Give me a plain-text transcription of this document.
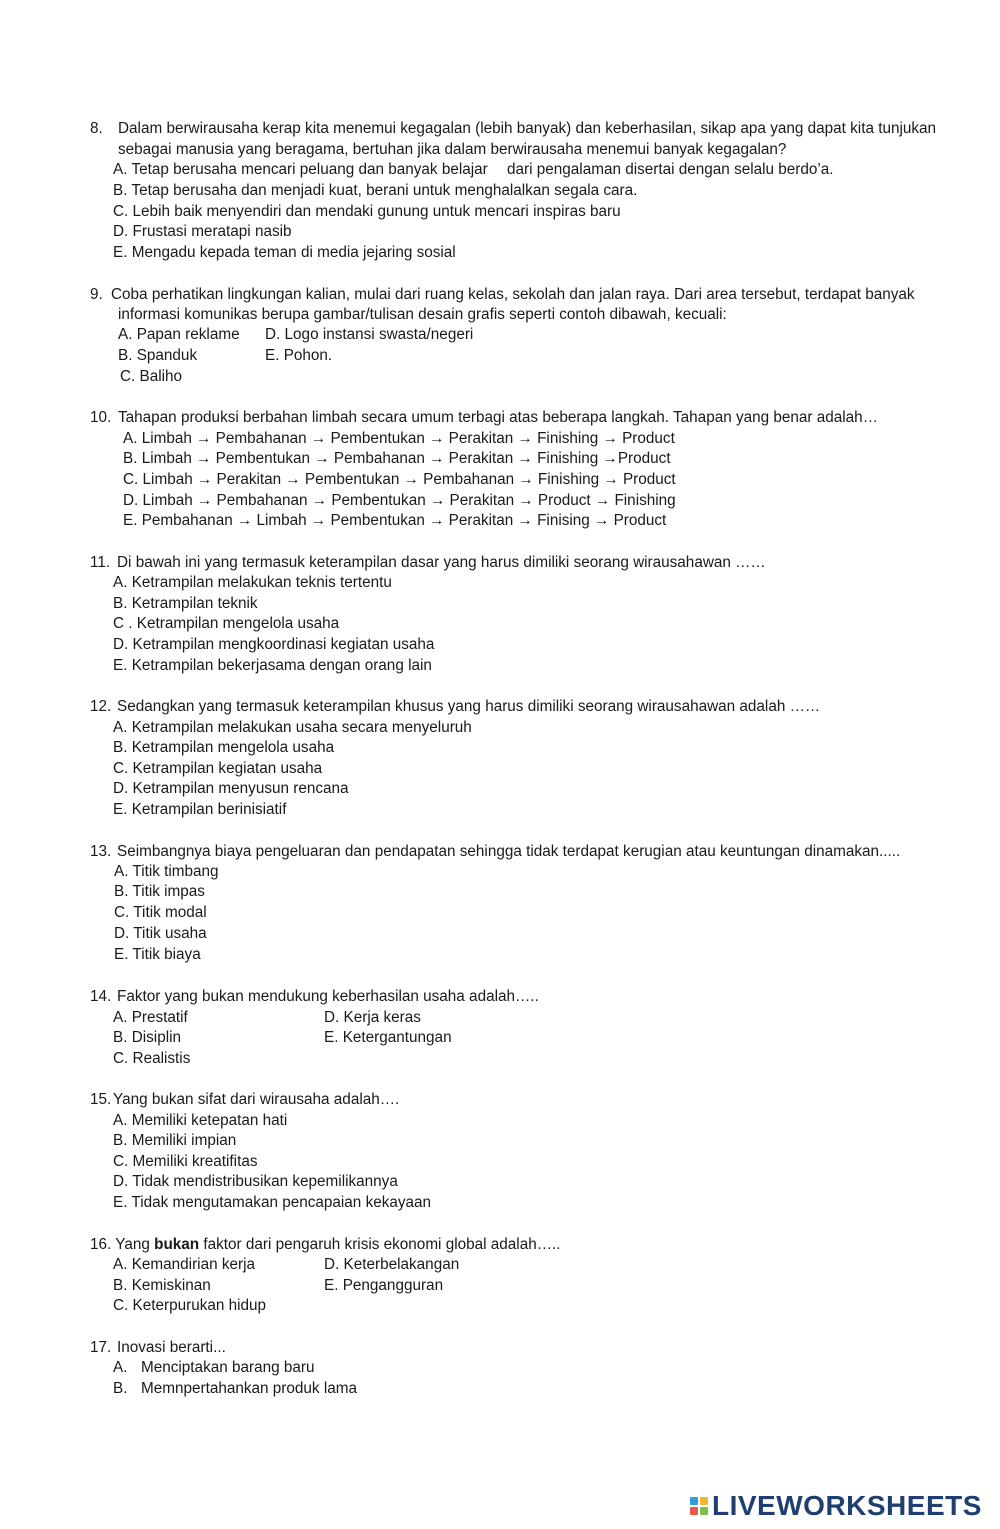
8. Dalam berwirausaha kerap kita menemui kegagalan (lebih banyak) dan keberhasilan, sikap apa yang dapat kita tunjukan
sebagai manusia yang beragama, bertuhan jika dalam berwirausaha menemui banyak kegagalan?
A. Tetap berusaha mencari peluang dan banyak belajar dari pengalaman disertai dengan selalu berdo’a.
B. Tetap berusaha dan menjadi kuat, berani untuk menghalalkan segala cara.
C. Lebih baik menyendiri dan mendaki gunung untuk mencari inspiras baru
D. Frustasi meratapi nasib
E. Mengadu kepada teman di media jejaring sosial
9. Coba perhatikan lingkungan kalian, mulai dari ruang kelas, sekolah dan jalan raya. Dari area tersebut, terdapat banyak
informasi komunikas berupa gambar/tulisan desain grafis seperti contoh dibawah, kecuali:
A. Papan reklame D. Logo instansi swasta/negeri
B. Spanduk	E. Pohon.
C. Baliho
10. Tahapan produksi berbahan limbah secara umum terbagi atas beberapa langkah. Tahapan yang benar adalah…
A. Limbah → Pembahanan → Pembentukan → Perakitan → Finishing → Product
B. Limbah → Pembentukan → Pembahanan → Perakitan → Finishing →Product
C. Limbah → Perakitan → Pembentukan → Pembahanan → Finishing → Product
D. Limbah → Pembahanan → Pembentukan → Perakitan → Product → Finishing
E. Pembahanan → Limbah → Pembentukan → Perakitan → Finising → Product
11. Di bawah ini yang termasuk keterampilan dasar yang harus dimiliki seorang wirausahawan ……
A. Ketrampilan melakukan teknis tertentu
B. Ketrampilan teknik
C . Ketrampilan mengelola usaha
D. Ketrampilan mengkoordinasi kegiatan usaha
E. Ketrampilan bekerjasama dengan orang lain
12. Sedangkan yang termasuk keterampilan khusus yang harus dimiliki seorang wirausahawan adalah ……
A. Ketrampilan melakukan usaha secara menyeluruh
B. Ketrampilan mengelola usaha
C. Ketrampilan kegiatan usaha
D. Ketrampilan menyusun rencana
E. Ketrampilan berinisiatif
13. Seimbangnya biaya pengeluaran dan pendapatan sehingga tidak terdapat kerugian atau keuntungan dinamakan.....
A. Titik timbang
B. Titik impas
C. Titik modal
D. Titik usaha
E. Titik biaya
14. Faktor yang bukan mendukung keberhasilan usaha adalah…..
A. Prestatif	D. Kerja keras
B. Disiplin	E. Ketergantungan
C. Realistis
15. Yang bukan sifat dari wirausaha adalah….
A. Memiliki ketepatan hati
B. Memiliki impian
C. Memiliki kreatifitas
D. Tidak mendistribusikan kepemilikannya
E. Tidak mengutamakan pencapaian kekayaan
16. Yang bukan faktor dari pengaruh krisis ekonomi global adalah…..
A. Kemandirian kerja	D. Keterbelakangan
B. Kemiskinan	E. Pengangguran
C. Keterpurukan hidup
17. Inovasi berarti...
A. Menciptakan barang baru
B. Memnpertahankan produk lama
LIVEWORKSHEETS
